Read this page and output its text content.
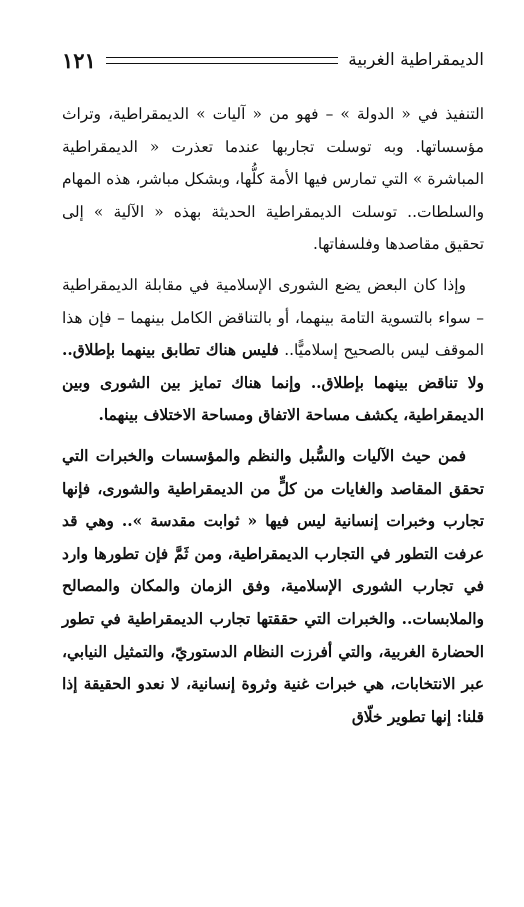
الديمقراطية الغربية
١٢١

التنفيذ في « الدولة » – فهو من « آليات » الديمقراطية، وتراث مؤسساتها. وبه توسلت تجاربها عندما تعذرت « الديمقراطية المباشرة » التي تمارس فيها الأمة كلُّها، وبشكل مباشر، هذه المهام والسلطات.. توسلت الديمقراطية الحديثة بهذه « الآلية » إلى تحقيق مقاصدها وفلسفاتها.

وإذا كان البعض يضع الشورى الإسلامية في مقابلة الديمقراطية – سواء بالتسوية التامة بينهما، أو بالتناقض الكامل بينهما – فإن هذا الموقف ليس بالصحيح إسلاميًّا.. فليس هناك تطابق بينهما بإطلاق.. ولا تناقض بينهما بإطلاق.. وإنما هناك تمايز بين الشورى وبين الديمقراطية، يكشف مساحة الاتفاق ومساحة الاختلاف بينهما.

فمن حيث الآليات والسُّبل والنظم والمؤسسات والخبرات التي تحقق المقاصد والغايات من كلٍّ من الديمقراطية والشورى، فإنها تجارب وخبرات إنسانية ليس فيها « ثوابت مقدسة ».. وهي قد عرفت التطور في التجارب الديمقراطية، ومن ثَمَّ فإن تطورها وارد في تجارب الشورى الإسلامية، وفق الزمان والمكان والمصالح والملابسات.. والخبرات التي حققتها تجارب الديمقراطية في تطور الحضارة الغربية، والتي أفرزت النظام الدستوريّ، والتمثيل النيابي، عبر الانتخابات، هي خبرات غنية وثروة إنسانية، لا نعدو الحقيقة إذا قلنا: إنها تطوير خلّاق
